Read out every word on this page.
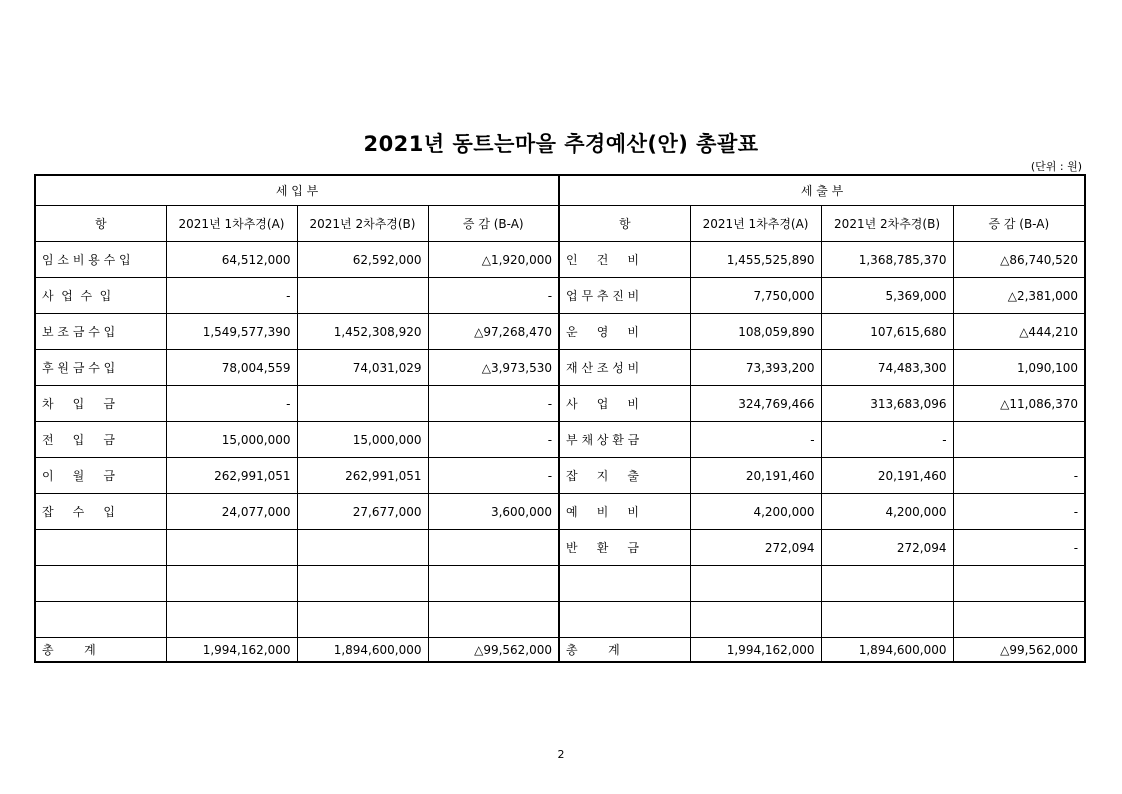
2021년 동트는마을 추경예산(안) 총괄표
(단위 : 원)
세 입 부				세 출 부			
항	2021년 1차추경(A)	2021년 2차추경(B)	증 감 (B-A)	항	2021년 1차추경(A)	2021년 2차추경(B)	증 감 (B-A)
임 소 비 용 수 입	64,512,000	62,592,000	△1,920,000	인     건     비	1,455,525,890	1,368,785,370	△86,740,520
사  업  수  입	-		-	업 무 추 진 비	7,750,000	5,369,000	△2,381,000
보 조 금 수 입	1,549,577,390	1,452,308,920	△97,268,470	운     영     비	108,059,890	107,615,680	△444,210
후 원 금 수 입	78,004,559	74,031,029	△3,973,530	재 산 조 성 비	73,393,200	74,483,300	1,090,100
차     입     금	-		-	사     업     비	324,769,466	313,683,096	△11,086,370
전     입     금	15,000,000	15,000,000	-	부 채 상 환 금	-	-	
이     월     금	262,991,051	262,991,051	-	잡     지     출	20,191,460	20,191,460	-
잡     수     입	24,077,000	27,677,000	3,600,000	예     비     비	4,200,000	4,200,000	-
				반     환     금	272,094	272,094	-

총        계	1,994,162,000	1,894,600,000	△99,562,000	총        계	1,994,162,000	1,894,600,000	△99,562,000
2
